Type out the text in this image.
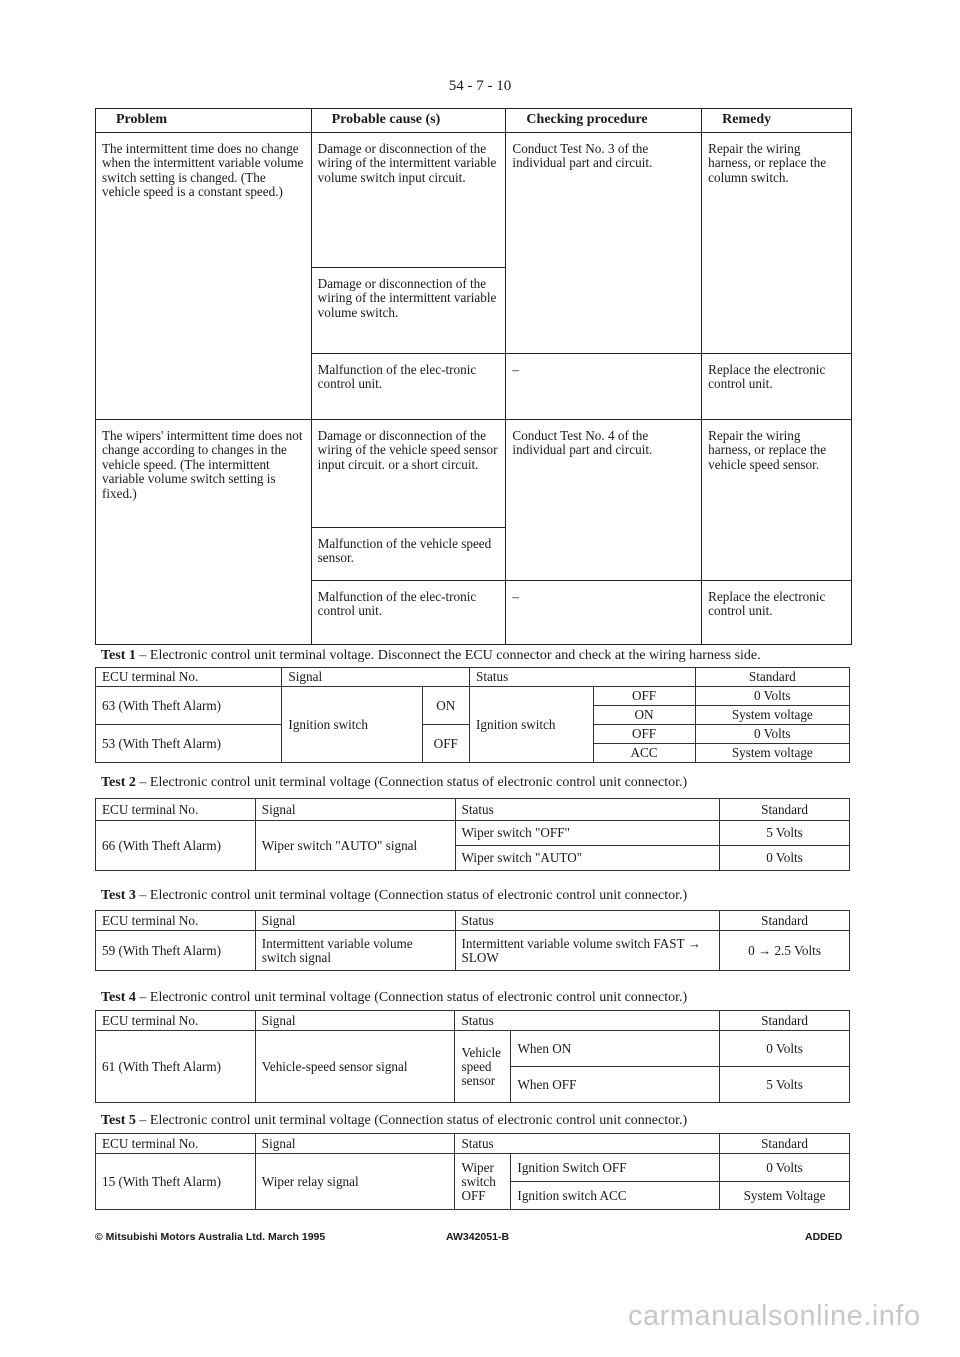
54 - 7 - 10
Problem	Probable cause (s)	Checking procedure	Remedy
The intermittent time does no change when the intermittent variable volume switch setting is changed. (The vehicle speed is a constant speed.)	Damage or disconnection of the wiring of the intermittent variable volume switch input circuit.	Conduct Test No. 3 of the individual part and circuit.	Repair the wiring harness, or replace the column switch.
	Damage or disconnection of the wiring of the intermittent variable volume switch.		
	Malfunction of the elec-tronic control unit.	–	Replace the electronic control unit.
The wipers' intermittent time does not change according to changes in the vehicle speed. (The intermittent variable volume switch setting is fixed.)	Damage or disconnection of the wiring of the vehicle speed sensor input circuit. or a short circuit.	Conduct Test No. 4 of the individual part and circuit.	Repair the wiring harness, or replace the vehicle speed sensor.
	Malfunction of the vehicle speed sensor.		
	Malfunction of the elec-tronic control unit.	–	Replace the electronic control unit.
Test 1 – Electronic control unit terminal voltage. Disconnect the ECU connector and check at the wiring harness side.
ECU terminal No.	Signal		Status		Standard
63 (With Theft Alarm)	Ignition switch	ON	Ignition switch	OFF	0 Volts
				ON	System voltage
53 (With Theft Alarm)		OFF		OFF	0 Volts
				ACC	System voltage
Test 2 – Electronic control unit terminal voltage (Connection status of electronic control unit connector.)
ECU terminal No.	Signal	Status	Standard
66 (With Theft Alarm)	Wiper switch "AUTO" signal	Wiper switch "OFF"	5 Volts
		Wiper switch "AUTO"	0 Volts
Test 3 – Electronic control unit terminal voltage (Connection status of electronic control unit connector.)
ECU terminal No.	Signal	Status	Standard
59 (With Theft Alarm)	Intermittent variable volume switch signal	Intermittent variable volume switch FAST → SLOW	0 → 2.5 Volts
Test 4 – Electronic control unit terminal voltage (Connection status of electronic control unit connector.)
ECU terminal No.	Signal	Status		Standard
61 (With Theft Alarm)	Vehicle-speed sensor signal	Vehicle speed sensor	When ON	0 Volts
			When OFF	5 Volts
Test 5 – Electronic control unit terminal voltage (Connection status of electronic control unit connector.)
ECU terminal No.	Signal	Status		Standard
15 (With Theft Alarm)	Wiper relay signal	Wiper switch OFF	Ignition Switch OFF	0 Volts
			Ignition switch ACC	System Voltage
© Mitsubishi Motors Australia Ltd. March 1995	AW342051-B	ADDED
carmanualsonline.info
